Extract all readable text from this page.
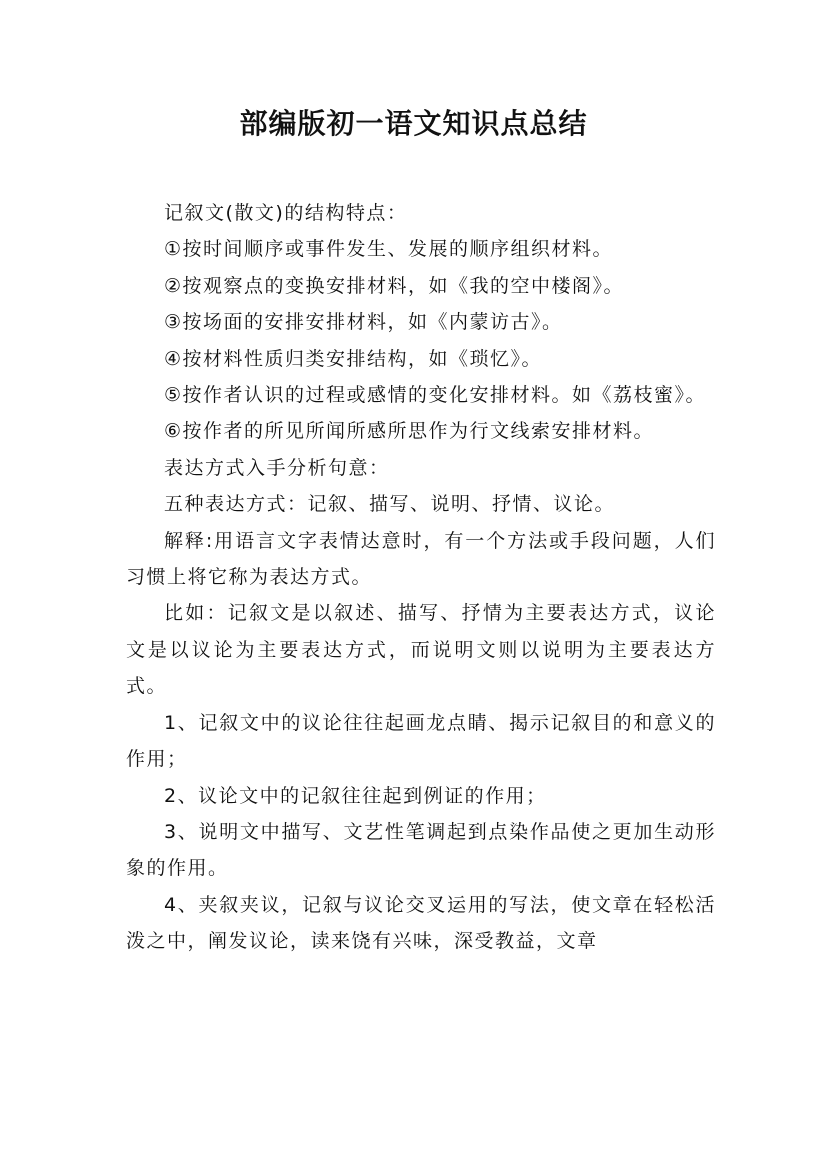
部编版初一语文知识点总结

记叙文(散文)的结构特点：

①按时间顺序或事件发生、发展的顺序组织材料。

②按观察点的变换安排材料，如《我的空中楼阁》。

③按场面的安排安排材料，如《内蒙访古》。

④按材料性质归类安排结构，如《琐忆》。

⑤按作者认识的过程或感情的变化安排材料。如《荔枝蜜》。

⑥按作者的所见所闻所感所思作为行文线索安排材料。

表达方式入手分析句意：

五种表达方式：记叙、描写、说明、抒情、议论。

解释:用语言文字表情达意时，有一个方法或手段问题，人们习惯上将它称为表达方式。

比如：记叙文是以叙述、描写、抒情为主要表达方式，议论文是以议论为主要表达方式，而说明文则以说明为主要表达方式。

1、记叙文中的议论往往起画龙点睛、揭示记叙目的和意义的作用；

2、议论文中的记叙往往起到例证的作用；

3、说明文中描写、文艺性笔调起到点染作品使之更加生动形象的作用。

4、夹叙夹议，记叙与议论交叉运用的写法，使文章在轻松活泼之中，阐发议论，读来饶有兴味，深受教益，文章
